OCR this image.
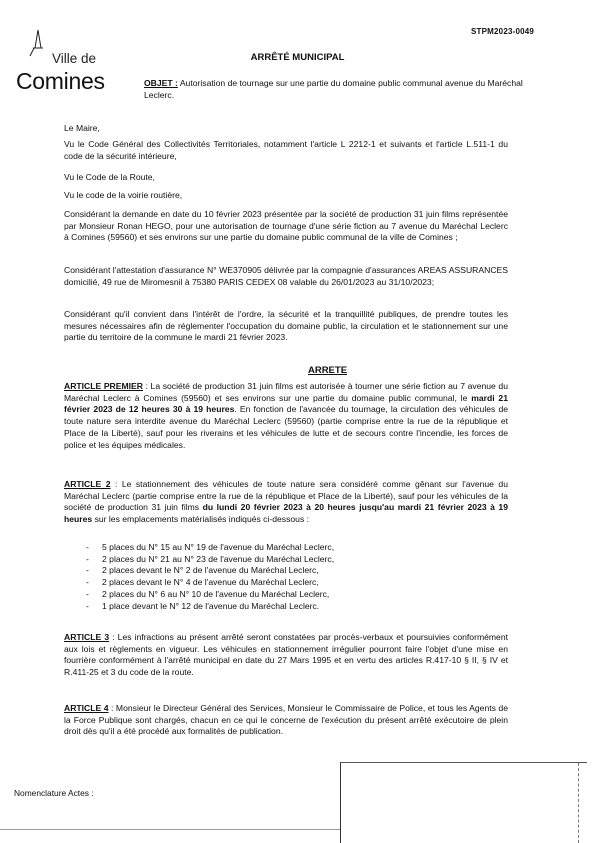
STPM2023-0049
Ville de
Comines
ARRÊTÉ MUNICIPAL
OBJET : Autorisation de tournage sur une partie du domaine public communal avenue du Maréchal Leclerc.
Le Maire,
Vu le Code Général des Collectivités Territoriales, notamment l'article L 2212-1 et suivants et l'article L.511-1 du code de la sécurité intérieure,
Vu le Code de la Route,
Vu le code de la voirie routière,
Considérant la demande en date du 10 février 2023 présentée par la société de production 31 juin films représentée par Monsieur Ronan HEGO, pour une autorisation de tournage d'une série fiction au 7 avenue du Maréchal Leclerc à Comines (59560) et ses environs sur une partie du domaine public communal de la ville de Comines ;
Considérant l'attestation d'assurance N° WE370905 délivrée par la compagnie d'assurances AREAS ASSURANCES domicilié, 49 rue de Miromesnil à 75380 PARIS CEDEX 08 valable du 26/01/2023 au 31/10/2023;
Considérant qu'il convient dans l'intérêt de l'ordre, la sécurité et la tranquillité publiques, de prendre toutes les mesures nécessaires afin de réglementer l'occupation du domaine public, la circulation et le stationnement sur une partie du territoire de la commune le mardi 21 février 2023.
ARRETE
ARTICLE PREMIER : La société de production 31 juin films est autorisée à tourner une série fiction au 7 avenue du Maréchal Leclerc à Comines (59560) et ses environs sur une partie du domaine public communal, le mardi 21 février 2023 de 12 heures 30 à 19 heures. En fonction de l'avancée du tournage, la circulation des véhicules de toute nature sera interdite avenue du Maréchal Leclerc (59560) (partie comprise entre la rue de la république et Place de la Liberté), sauf pour les riverains et les véhicules de lutte et de secours contre l'incendie, les forces de police et les équipes médicales.
ARTICLE 2 : Le stationnement des véhicules de toute nature sera considéré comme gênant sur l'avenue du Maréchal Leclerc (partie comprise entre la rue de la république et Place de la Liberté), sauf pour les véhicules de la société de production 31 juin films du lundi 20 février 2023 à 20 heures jusqu'au mardi 21 février 2023 à 19 heures sur les emplacements matérialisés indiqués ci-dessous :
- 5 places du N° 15 au N° 19 de l'avenue du Maréchal Leclerc,
- 2 places du N° 21 au N° 23 de l'avenue du Maréchal Leclerc,
- 2 places devant le N° 2 de l'avenue du Maréchal Leclerc,
- 2 places devant le N° 4 de l'avenue du Maréchal Leclerc,
- 2 places du N° 6 au N° 10 de l'avenue du Maréchal Leclerc,
- 1 place devant le N° 12 de l'avenue du Maréchal Leclerc.
ARTICLE 3 : Les infractions au présent arrêté seront constatées par procès-verbaux et poursuivies conformément aux lois et règlements en vigueur. Les véhicules en stationnement irrégulier pourront faire l'objet d'une mise en fourrière conformément à l'arrêté municipal en date du 27 Mars 1995 et en vertu des articles R.417-10 § II, § IV et R.411-25 et 3 du code de la route.
ARTICLE 4 : Monsieur le Directeur Général des Services, Monsieur le Commissaire de Police, et tous les Agents de la Force Publique sont chargés, chacun en ce qui le concerne de l'exécution du présent arrêté exécutoire de plein droit dès qu'il a été procédé aux formalités de publication.
Nomenclature Actes :
